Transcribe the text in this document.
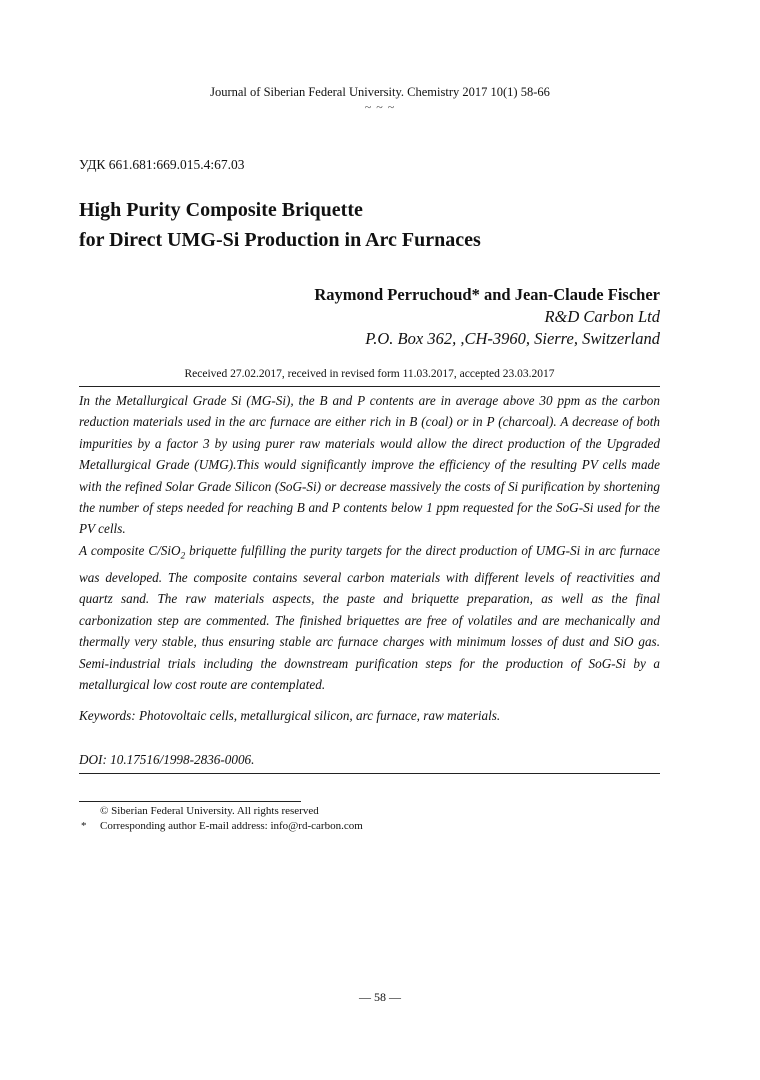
Journal of Siberian Federal University. Chemistry 2017 10(1) 58-66
~ ~ ~
УДК 661.681:669.015.4:67.03
High Purity Composite Briquette
for Direct UMG-Si Production in Arc Furnaces
Raymond Perruchoud* and Jean-Claude Fischer
R&D Carbon Ltd
P.O. Box 362, ,CH-3960, Sierre, Switzerland
Received 27.02.2017, received in revised form 11.03.2017, accepted 23.03.2017

In the Metallurgical Grade Si (MG-Si), the B and P contents are in average above 30 ppm as the carbon reduction materials used in the arc furnace are either rich in B (coal) or in P (charcoal). A decrease of both impurities by a factor 3 by using purer raw materials would allow the direct production of the Upgraded Metallurgical Grade (UMG).This would significantly improve the efficiency of the resulting PV cells made with the refined Solar Grade Silicon (SoG-Si) or decrease massively the costs of Si purification by shortening the number of steps needed for reaching B and P contents below 1 ppm requested for the SoG-Si used for the PV cells.

A composite C/SiO$_2$ briquette fulfilling the purity targets for the direct production of UMG-Si in arc furnace was developed. The composite contains several carbon materials with different levels of reactivities and quartz sand. The raw materials aspects, the paste and briquette preparation, as well as the final carbonization step are commented. The finished briquettes are free of volatiles and are mechanically and thermally very stable, thus ensuring stable arc furnace charges with minimum losses of dust and SiO gas. Semi-industrial trials including the downstream purification steps for the production of SoG-Si by a metallurgical low cost route are contemplated.

Keywords: Photovoltaic cells, metallurgical silicon, arc furnace, raw materials.
DOI: 10.17516/1998-2836-0006.
© Siberian Federal University. All rights reserved
* Corresponding author E-mail address: info@rd-carbon.com
— 58 —
